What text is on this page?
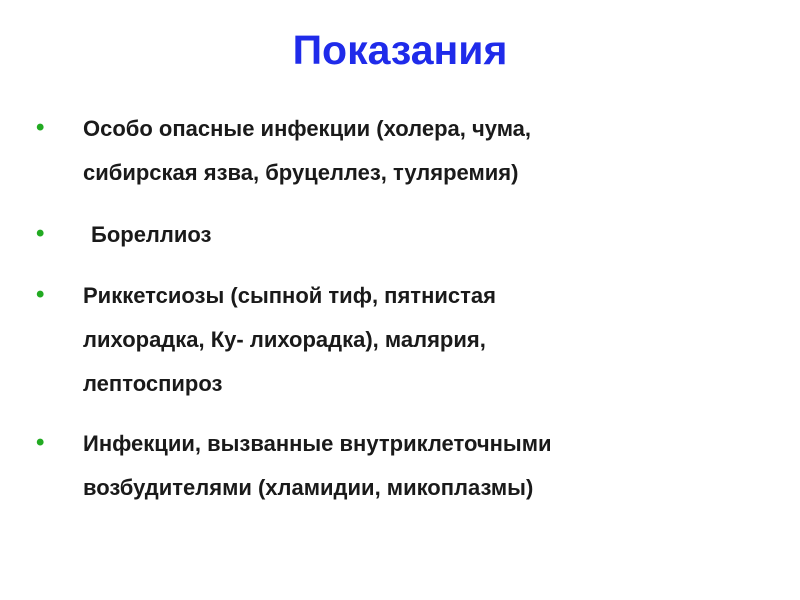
Показания
• Особо опасные инфекции (холера, чума,
сибирская язва, бруцеллез, туляремия)
• Бореллиоз
• Риккетсиозы (сыпной тиф, пятнистая
лихорадка, Ку- лихорадка), малярия,
лептоспироз
• Инфекции, вызванные внутриклеточными
возбудителями (хламидии, микоплазмы)
